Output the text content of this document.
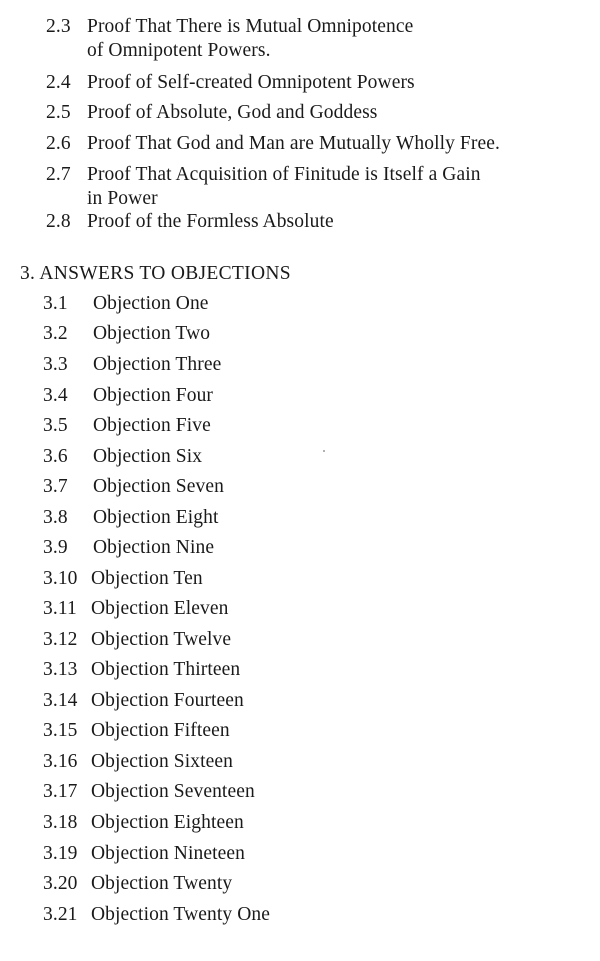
2.3 Proof That There is Mutual Omnipotence
of Omnipotent Powers.
2.4 Proof of Self-created Omnipotent Powers
2.5 Proof of Absolute, God and Goddess
2.6 Proof That God and Man are Mutually Wholly Free.
2.7 Proof That Acquisition of Finitude is Itself a Gain
in Power
2.8 Proof of the Formless Absolute
3. ANSWERS TO OBJECTIONS
3.1 Objection One
3.2 Objection Two
3.3 Objection Three
3.4 Objection Four
3.5 Objection Five
3.6 Objection Six
3.7 Objection Seven
3.8 Objection Eight
3.9 Objection Nine
3.10 Objection Ten
3.11 Objection Eleven
3.12 Objection Twelve
3.13 Objection Thirteen
3.14 Objection Fourteen
3.15 Objection Fifteen
3.16 Objection Sixteen
3.17 Objection Seventeen
3.18 Objection Eighteen
3.19 Objection Nineteen
3.20 Objection Twenty
3.21 Objection Twenty One
